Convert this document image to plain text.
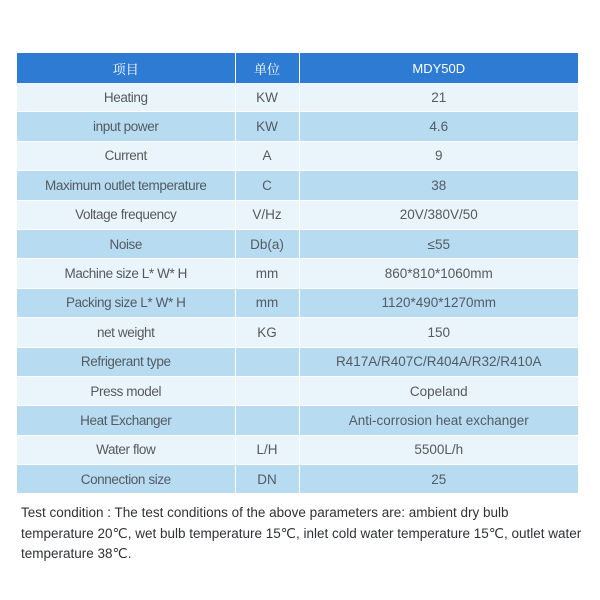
项目	单位	MDY50D
Heating	KW	21
input power	KW	4.6
Current	A	9
Maximum outlet temperature	C	38
Voltage frequency	V/Hz	20V/380V/50
Noise	Db(a)	≤55
Machine size L* W* H	mm	860*810*1060mm
Packing size L* W* H	mm	1120*490*1270mm
net weight	KG	150
Refrigerant type		R417A/R407C/R404A/R32/R410A
Press model		Copeland
Heat Exchanger		Anti-corrosion heat exchanger
Water flow	L/H	5500L/h
Connection size	DN	25

Test condition : The test conditions of the above parameters are: ambient dry bulb temperature 20℃, wet bulb temperature 15℃, inlet cold water temperature 15℃, outlet water temperature 38℃.
